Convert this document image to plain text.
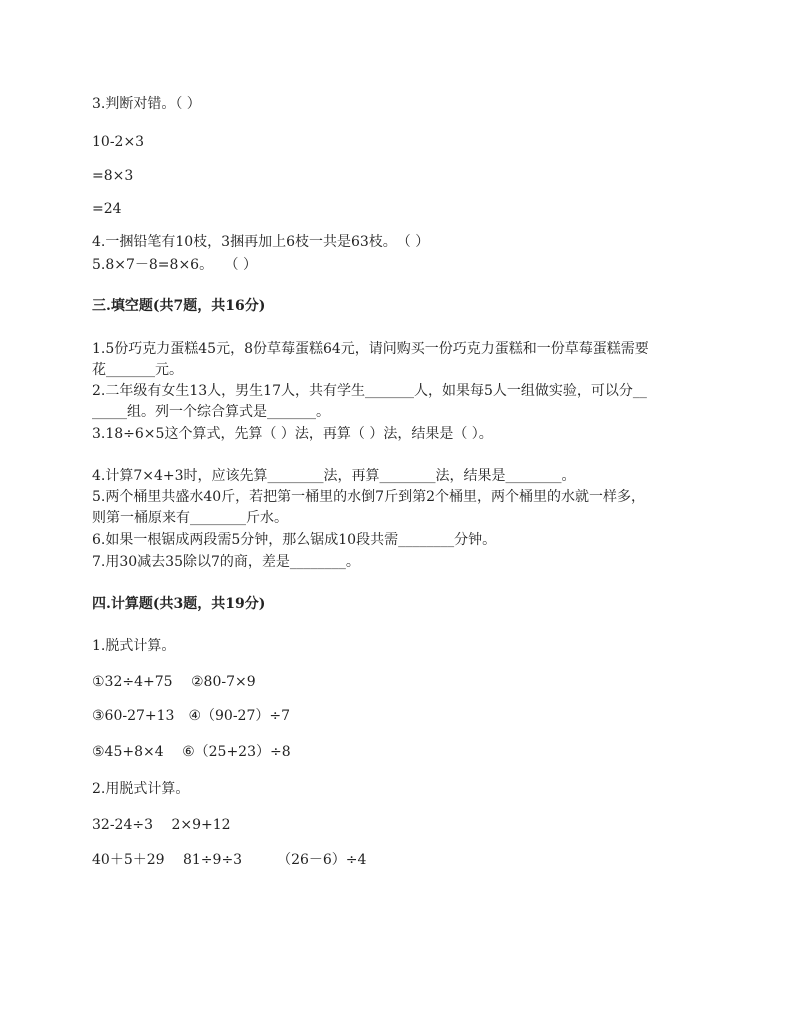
3.判断对错。（ ）
10-2×3
=8×3
=24
4.一捆铅笔有10枝，3捆再加上6枝一共是63枝。　（ ）
5.8×7－8=8×6。　 （ ）
三.填空题(共7题，共16分)
1.5份巧克力蛋糕45元，8份草莓蛋糕64元，请问购买一份巧克力蛋糕和一份草莓蛋糕需要
花_______元。
2.二年级有女生13人，男生17人，共有学生_______人，如果每5人一组做实验，可以分__
_____组。列一个综合算式是_______。
3.18÷6×5这个算式，先算（ ）法，再算（ ）法，结果是（ ）。
4.计算7×4+3时，应该先算________法，再算________法，结果是________。
5.两个桶里共盛水40斤，若把第一桶里的水倒7斤到第2个桶里，两个桶里的水就一样多，
则第一桶原来有________斤水。
6.如果一根锯成两段需5分钟，那么锯成10段共需________分钟。
7.用30减去35除以7的商，差是________。
四.计算题(共3题，共19分)
1.脱式计算。
①32÷4+75　 ②80-7×9
③60-27+13　④（90-27）÷7
⑤45+8×4　 ⑥（25+23）÷8
2.用脱式计算。
32-24÷3　 2×9+12
40＋5＋29　 81÷9÷3　　　（26－6）÷4
